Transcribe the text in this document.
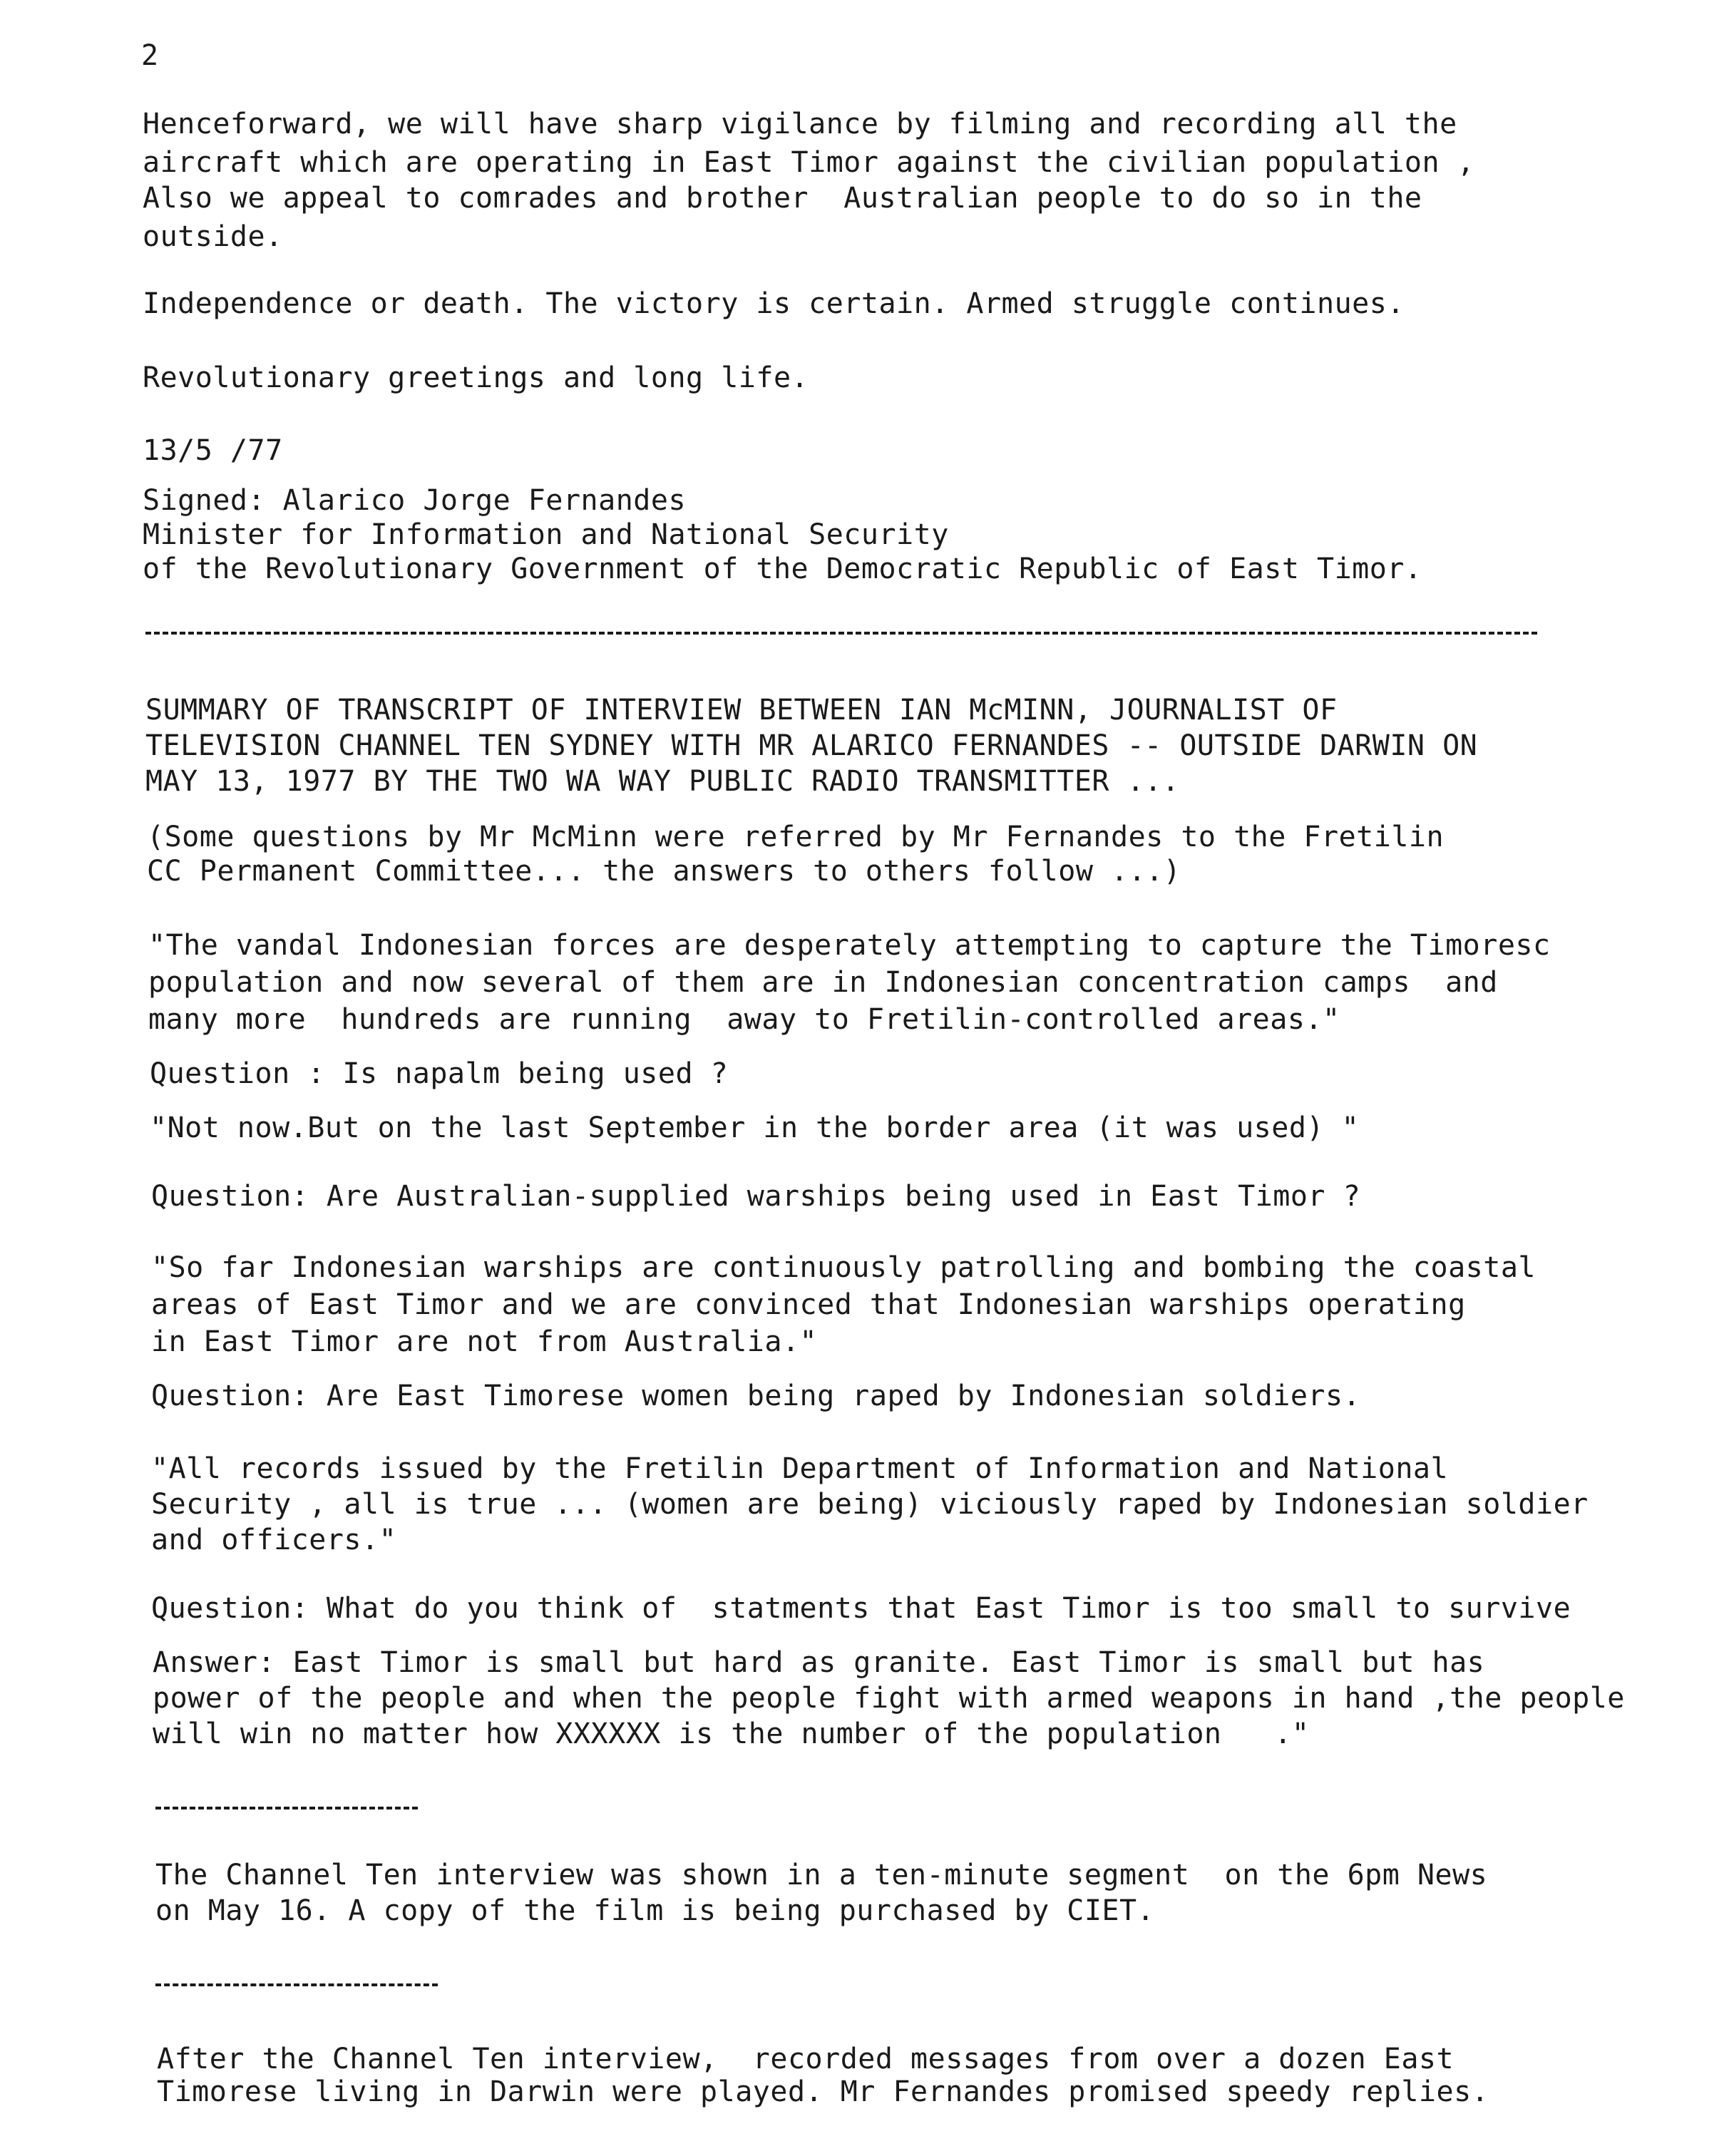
2
Henceforward, we will have sharp vigilance by filming and recording all the
aircraft which are operating in East Timor against the civilian population ,
Also we appeal to comrades and brother  Australian people to do so in the
outside.
Independence or death. The victory is certain. Armed struggle continues.
Revolutionary greetings and long life.
13/5 /77
Signed: Alarico Jorge Fernandes
Minister for Information and National Security
of the Revolutionary Government of the Democratic Republic of East Timor.
SUMMARY OF TRANSCRIPT OF INTERVIEW BETWEEN IAN McMINN, JOURNALIST OF
TELEVISION CHANNEL TEN SYDNEY WITH MR ALARICO FERNANDES -- OUTSIDE DARWIN ON
MAY 13, 1977 BY THE TWO WA WAY PUBLIC RADIO TRANSMITTER ...
(Some questions by Mr McMinn were referred by Mr Fernandes to the Fretilin
CC Permanent Committee... the answers to others follow ...)
"The vandal Indonesian forces are desperately attempting to capture the Timoresc
population and now several of them are in Indonesian concentration camps  and
many more  hundreds are running  away to Fretilin-controlled areas."
Question : Is napalm being used ?
"Not now.But on the last September in the border area (it was used) "
Question: Are Australian-supplied warships being used in East Timor ?
"So far Indonesian warships are continuously patrolling and bombing the coastal
areas of East Timor and we are convinced that Indonesian warships operating
in East Timor are not from Australia."
Question: Are East Timorese women being raped by Indonesian soldiers.
"All records issued by the Fretilin Department of Information and National
Security , all is true ... (women are being) viciously raped by Indonesian soldier
and officers."
Question: What do you think of  statments that East Timor is too small to survive
Answer: East Timor is small but hard as granite. East Timor is small but has
power of the people and when the people fight with armed weapons in hand ,the people
will win no matter how XXXXXX is the number of the population   ."
The Channel Ten interview was shown in a ten-minute segment  on the 6pm News
on May 16. A copy of the film is being purchased by CIET.
After the Channel Ten interview,  recorded messages from over a dozen East
Timorese living in Darwin were played. Mr Fernandes promised speedy replies.
